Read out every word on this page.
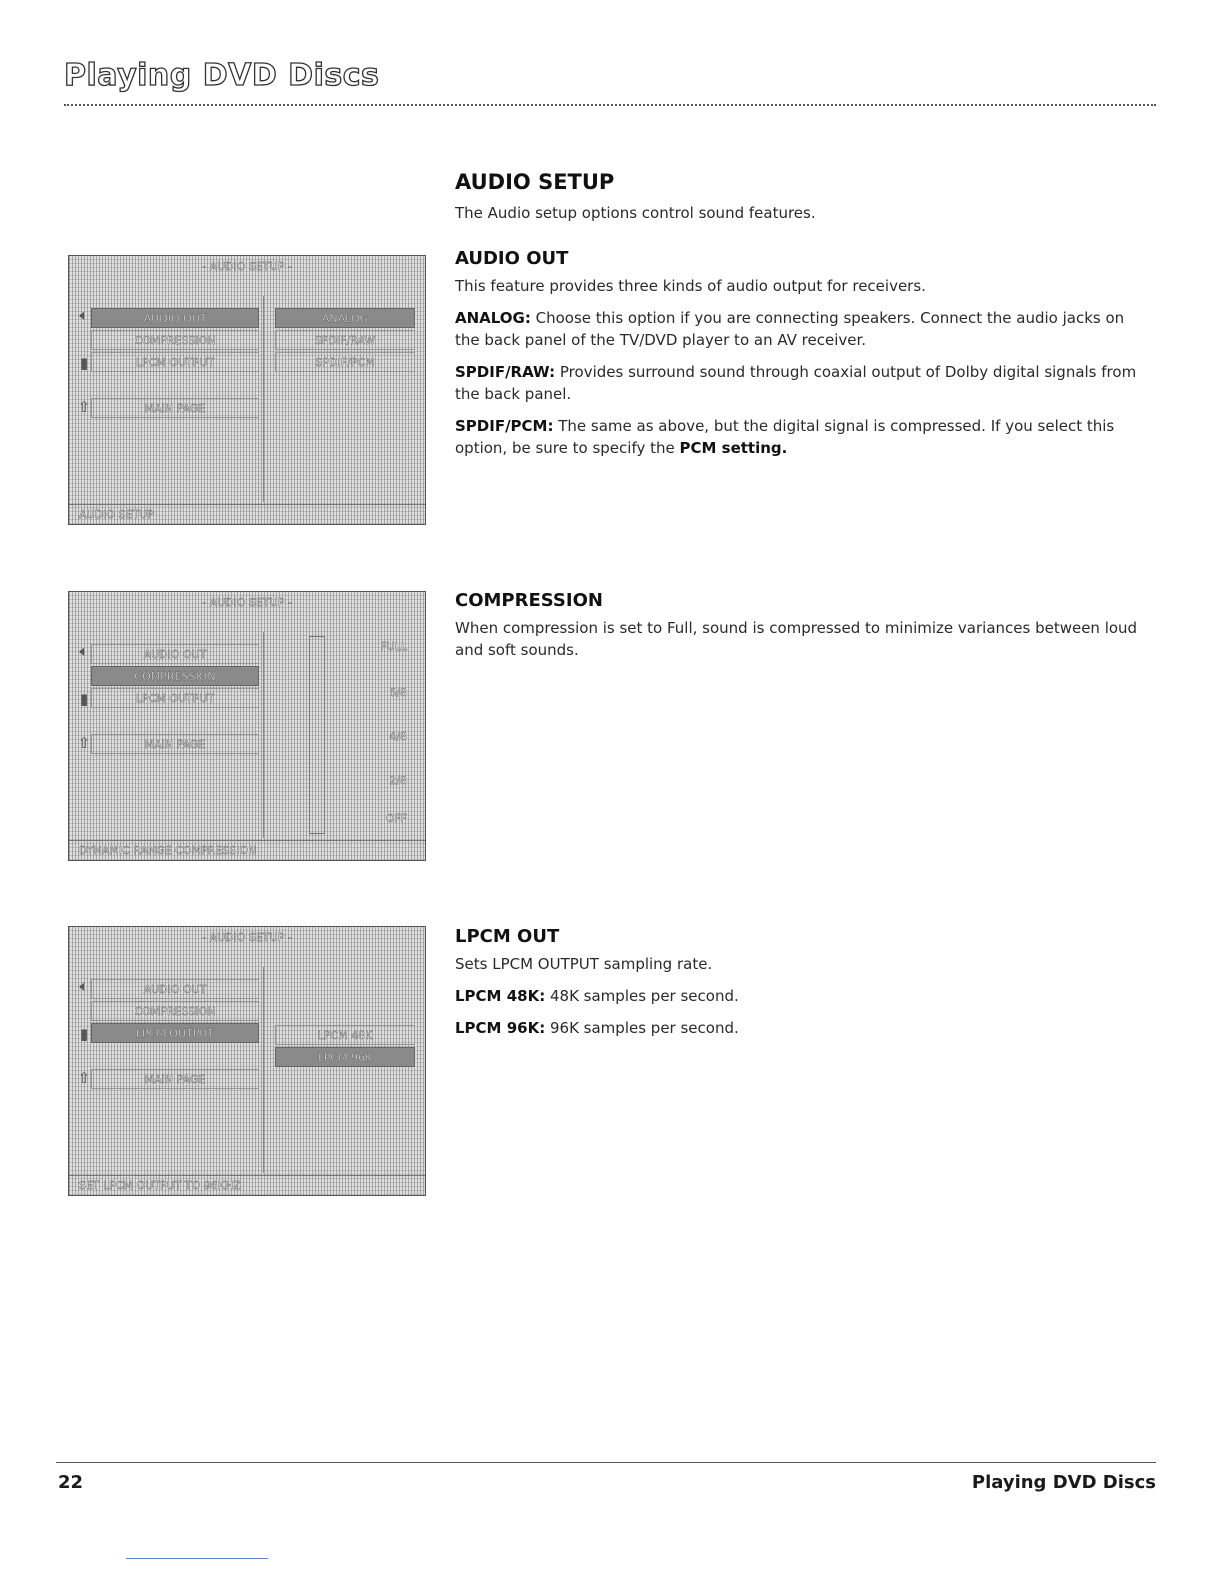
Playing DVD Discs
- AUDIO SETUP -
🔈︎
▮
⇧
AUDIO OUT
COMPRESSION
LPCM OUTPUT
MAIN PAGE
ANALOG
SPDIF/RAW
SPDIF/PCM
AUDIO SETUP
- AUDIO SETUP -
🔈︎
▮
⇧
AUDIO OUT
COMPRESSION
LPCM OUTPUT
MAIN PAGE
FULL
6/8
4/8
2/8
OFF
DYNAMIC RANGE COMPRESSION
- AUDIO SETUP -
🔈︎
▮
⇧
AUDIO OUT
COMPRESSION
LPCM OUTPUT
MAIN PAGE
LPCM 48K
LPCM 96K
SET LPCM OUTPUT TO 96KHZ
AUDIO SETUP

The Audio setup options control sound features.

AUDIO OUT

This feature provides three kinds of audio output for receivers.

ANALOG: Choose this option if you are connecting speakers. Connect the audio jacks on the back panel of the TV/DVD player to an AV receiver.

SPDIF/RAW: Provides surround sound through coaxial output of Dolby digital signals from the back panel.

SPDIF/PCM: The same as above, but the digital signal is compressed. If you select this option, be sure to specify the PCM setting.

COMPRESSION

When compression is set to Full, sound is compressed to minimize variances between loud and soft sounds.

LPCM OUT

Sets LPCM OUTPUT sampling rate.

LPCM 48K: 48K samples per second.

LPCM 96K: 96K samples per second.

22	Playing DVD Discs
